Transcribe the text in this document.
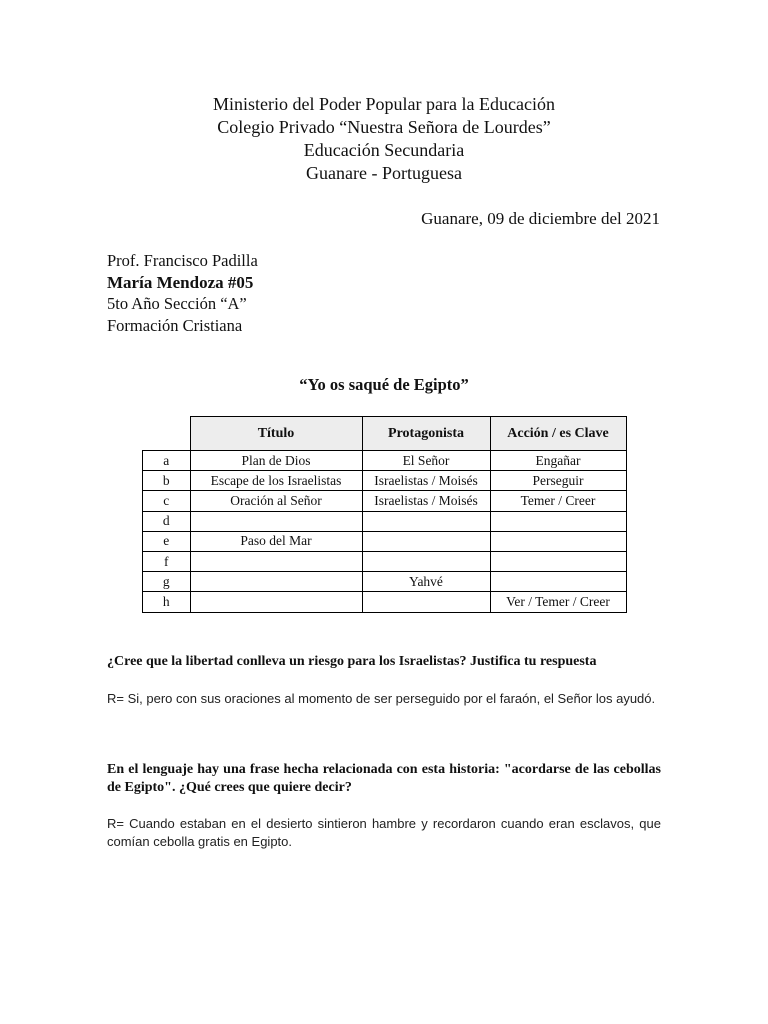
Ministerio del Poder Popular para la Educación
Colegio Privado “Nuestra Señora de Lourdes”
Educación Secundaria
Guanare - Portuguesa
Guanare, 09 de diciembre del 2021
Prof. Francisco Padilla
María Mendoza #05
5to Año Sección “A”
Formación Cristiana
“Yo os saqué de Egipto”
	Título	Protagonista	Acción / es Clave
a	Plan de Dios	El Señor	Engañar
b	Escape de los Israelistas	Israelistas / Moisés	Perseguir
c	Oración al Señor	Israelistas / Moisés	Temer / Creer
d			
e	Paso del Mar		
f			
g		Yahvé	
h			Ver / Temer / Creer
¿Cree que la libertad conlleva un riesgo para los Israelistas? Justifica tu respuesta
R= Si, pero con sus oraciones al momento de ser perseguido por el faraón, el Señor los ayudó.
En el lenguaje hay una frase hecha relacionada con esta historia: "acordarse de las cebollas de Egipto". ¿Qué crees que quiere decir?
R= Cuando estaban en el desierto sintieron hambre y recordaron cuando eran esclavos, que comían cebolla gratis en Egipto.
